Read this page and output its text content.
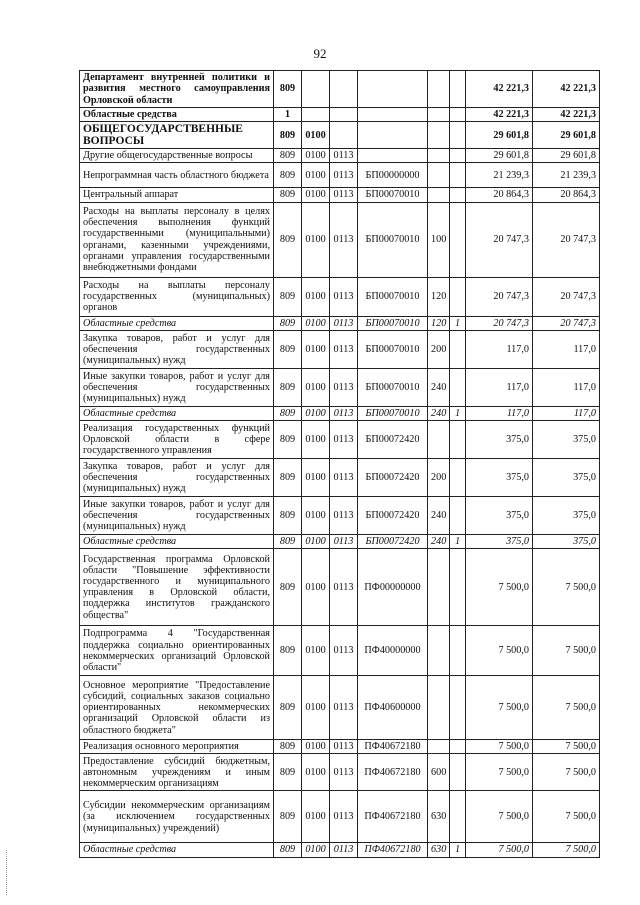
92
Департамент внутренней политики и развития местного самоуправления Орловской области	809						42 221,3	42 221,3
Областные средства	1						42 221,3	42 221,3
ОБЩЕГОСУДАРСТВЕННЫЕ ВОПРОСЫ	809	0100					29 601,8	29 601,8
Другие общегосударственные вопросы	809	0100	0113				29 601,8	29 601,8
Непрограммная часть областного бюджета	809	0100	0113	БП00000000			21 239,3	21 239,3
Центральный аппарат	809	0100	0113	БП00070010			20 864,3	20 864,3
Расходы на выплаты персоналу в целях обеспечения выполнения функций государственными (муниципальными) органами, казенными учреждениями, органами управления государственными внебюджетными фондами	809	0100	0113	БП00070010	100		20 747,3	20 747,3
Расходы на выплаты персоналу государственных (муниципальных) органов	809	0100	0113	БП00070010	120		20 747,3	20 747,3
Областные средства	809	0100	0113	БП00070010	120	1	20 747,3	20 747,3
Закупка товаров, работ и услуг для обеспечения государственных (муниципальных) нужд	809	0100	0113	БП00070010	200		117,0	117,0
Иные закупки товаров, работ и услуг для обеспечения государственных (муниципальных) нужд	809	0100	0113	БП00070010	240		117,0	117,0
Областные средства	809	0100	0113	БП00070010	240	1	117,0	117,0
Реализация государственных функций Орловской области в сфере государственного управления	809	0100	0113	БП00072420			375,0	375,0
Закупка товаров, работ и услуг для обеспечения государственных (муниципальных) нужд	809	0100	0113	БП00072420	200		375,0	375,0
Иные закупки товаров, работ и услуг для обеспечения государственных (муниципальных) нужд	809	0100	0113	БП00072420	240		375,0	375,0
Областные средства	809	0100	0113	БП00072420	240	1	375,0	375,0
Государственная программа Орловской области "Повышение эффективности государственного и муниципального управления в Орловской области, поддержка институтов гражданского общества"	809	0100	0113	ПФ00000000			7 500,0	7 500,0
Подпрограмма 4 "Государственная поддержка социально ориентированных некоммерческих организаций Орловской области"	809	0100	0113	ПФ40000000			7 500,0	7 500,0
Основное мероприятие "Предоставление субсидий, социальных заказов социально ориентированных некоммерческих организаций Орловской области из областного бюджета"	809	0100	0113	ПФ40600000			7 500,0	7 500,0
Реализация основного мероприятия	809	0100	0113	ПФ40672180			7 500,0	7 500,0
Предоставление субсидий бюджетным, автономным учреждениям и иным некоммерческим организациям	809	0100	0113	ПФ40672180	600		7 500,0	7 500,0
Субсидии некоммерческим организациям (за исключением государственных (муниципальных) учреждений)	809	0100	0113	ПФ40672180	630		7 500,0	7 500,0
Областные средства	809	0100	0113	ПФ40672180	630	1	7 500,0	7 500,0
